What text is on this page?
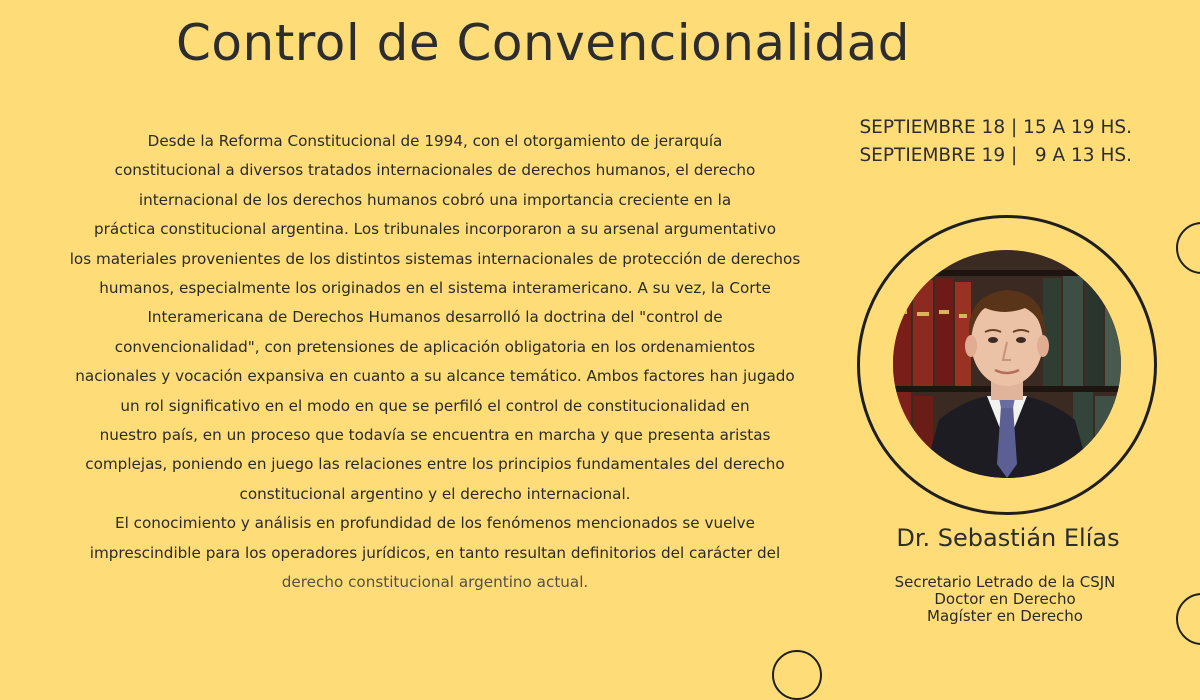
Control de Convencionalidad
Desde la Reforma Constitucional de 1994, con el otorgamiento de jerarquía
constitucional a diversos tratados internacionales de derechos humanos, el derecho
internacional de los derechos humanos cobró una importancia creciente en la
práctica constitucional argentina. Los tribunales incorporaron a su arsenal argumentativo
los materiales provenientes de los distintos sistemas internacionales de protección de derechos
humanos, especialmente los originados en el sistema interamericano. A su vez, la Corte
Interamericana de Derechos Humanos desarrolló la doctrina del "control de
convencionalidad", con pretensiones de aplicación obligatoria en los ordenamientos
nacionales y vocación expansiva en cuanto a su alcance temático. Ambos factores han jugado
un rol significativo en el modo en que se perfiló el control de constitucionalidad en
nuestro país, en un proceso que todavía se encuentra en marcha y que presenta aristas
complejas, poniendo en juego las relaciones entre los principios fundamentales del derecho
constitucional argentino y el derecho internacional.
El conocimiento y análisis en profundidad de los fenómenos mencionados se vuelve
imprescindible para los operadores jurídicos, en tanto resultan definitorios del carácter del
derecho constitucional argentino actual.
SEPTIEMBRE 18 | 15 A 19 HS.
SEPTIEMBRE 19 |   9 A 13 HS.
Dr. Sebastián Elías
Secretario Letrado de la CSJN
Doctor en Derecho
Magíster en Derecho
